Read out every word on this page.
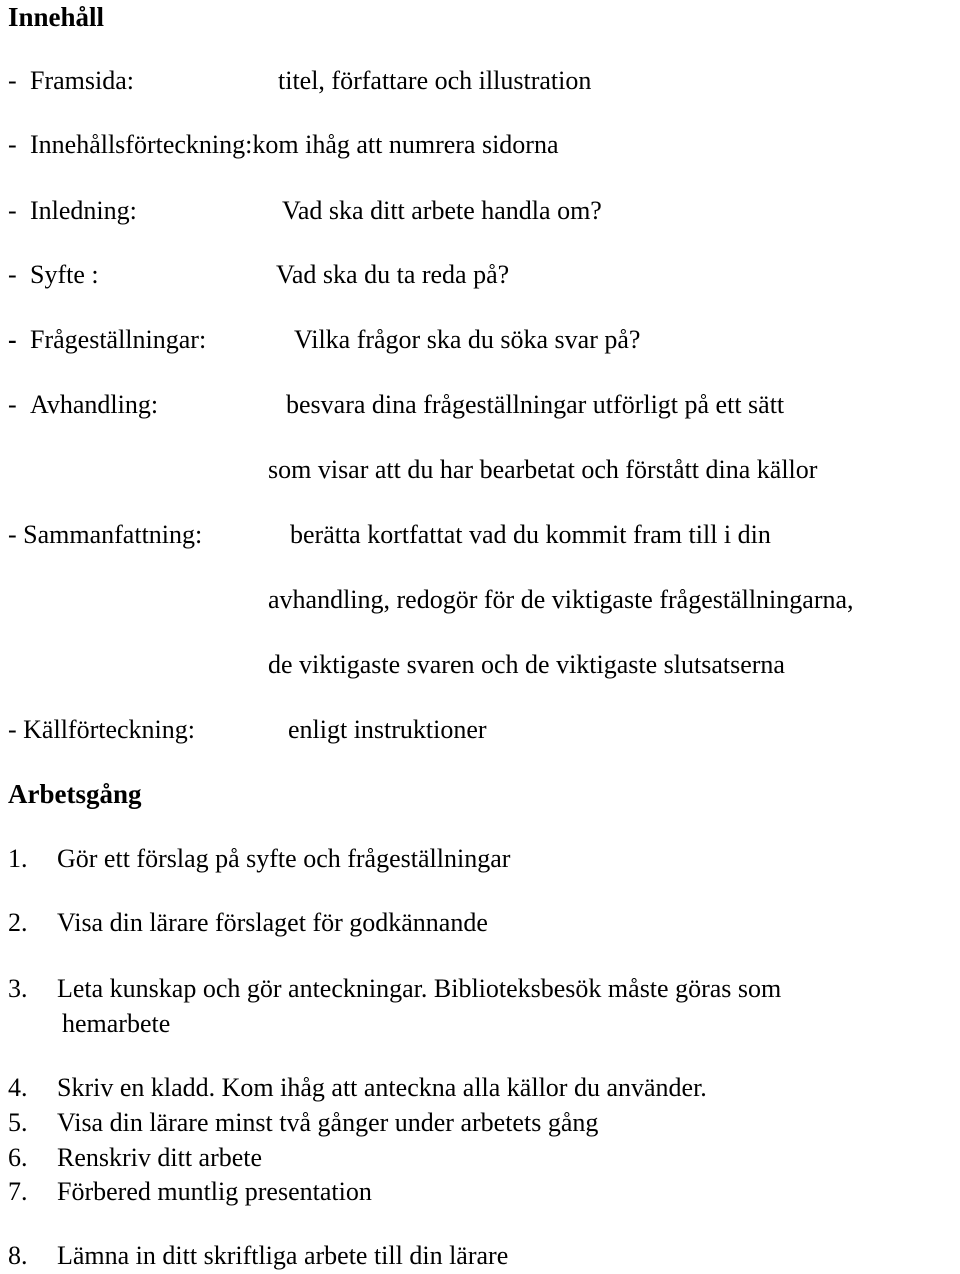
Innehåll
- Framsida:	titel, författare och illustration
- Innehållsförteckning:kom ihåg att numrera sidorna
- Inledning:	Vad ska ditt arbete handla om?
- Syfte :	Vad ska du ta reda på?
- Frågeställningar:	Vilka frågor ska du söka svar på?
- Avhandling:	besvara dina frågeställningar utförligt på ett sätt
som visar att du har bearbetat och förstått dina källor
- Sammanfattning:	berätta kortfattat vad du kommit fram till i din
avhandling, redogör för de viktigaste frågeställningarna,
de viktigaste svaren och de viktigaste slutsatserna
- Källförteckning:	enligt instruktioner
Arbetsgång
1. Gör ett förslag på syfte och frågeställningar
2. Visa din lärare förslaget för godkännande
3. Leta kunskap och gör anteckningar. Biblioteksbesök måste göras som
hemarbete
4. Skriv en kladd. Kom ihåg att anteckna alla källor du använder.
5. Visa din lärare minst två gånger under arbetets gång
6. Renskriv ditt arbete
7. Förbered muntlig presentation
8. Lämna in ditt skriftliga arbete till din lärare
